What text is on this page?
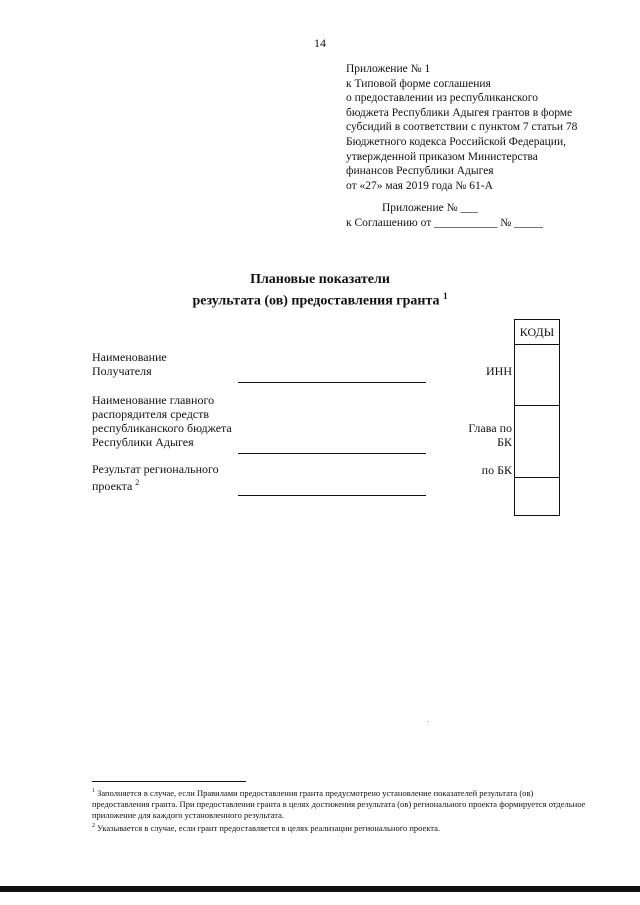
14
Приложение № 1
к Типовой форме соглашения
о предоставлении из республиканского
бюджета Республики Адыгея грантов в форме
субсидий в соответствии с пунктом 7 статьи 78
Бюджетного кодекса Российской Федерации,
утвержденной приказом Министерства
финансов Республики Адыгея
от «27» мая 2019 года № 61-А
Приложение № ___
к Соглашению от ___________ № _____
Плановые показатели
результата (ов) предоставления гранта $^1$
КОДЫ
Наименование
Получателя	ИНН
Наименование главного
распорядителя средств
республиканского бюджета
Республики Адыгея
Глава по
БК
Результат регионального
проекта $^2$
по БК

$^1$ Заполняется в случае, если Правилами предоставления гранта предусмотрено установление показателей результата (ов) предоставления гранта. При предоставлении гранта в целях достижения результата (ов) регионального проекта формируется отдельное приложение для каждого установленного результата.

$^2$ Указывается в случае, если грант предоставляется в целях реализации регионального проекта.
